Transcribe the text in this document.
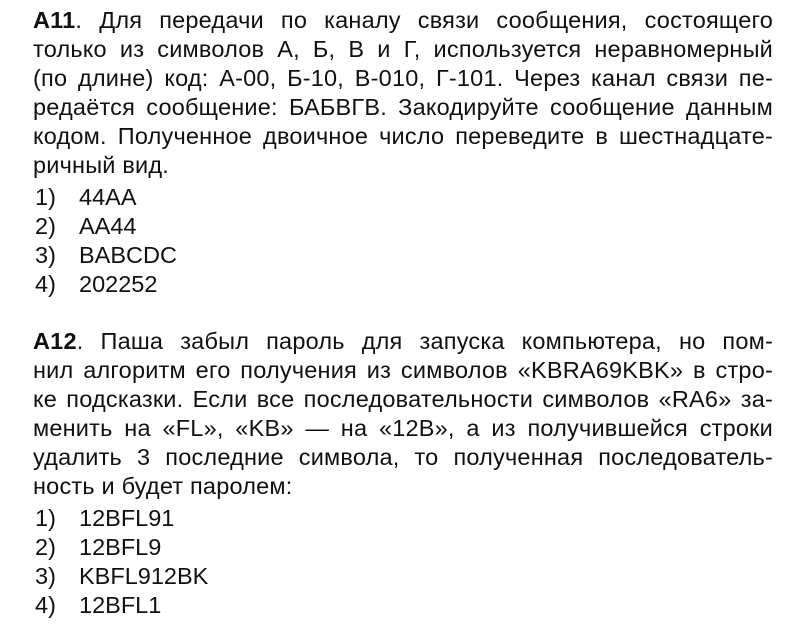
А11. Для передачи по каналу связи сообщения, состоящего
только из символов А, Б, В и Г, используется неравномерный
(по длине) код: А-00, Б-10, В-010, Г-101. Через канал связи пе-
редаётся сообщение: БАБВГВ. Закодируйте сообщение данным
кодом. Полученное двоичное число переведите в шестнадцате-
ричный вид.
1) 44AA
2) AA44
3) BABCDC
4) 202252
А12. Паша забыл пароль для запуска компьютера, но пом-
нил алгоритм его получения из символов «KBRA69KBK» в стро-
ке подсказки. Если все последовательности символов «RA6» за-
менить на «FL», «KB» — на «12B», а из получившейся строки
удалить 3 последние символа, то полученная последователь-
ность и будет паролем:
1) 12BFL91
2) 12BFL9
3) KBFL912BK
4) 12BFL1
